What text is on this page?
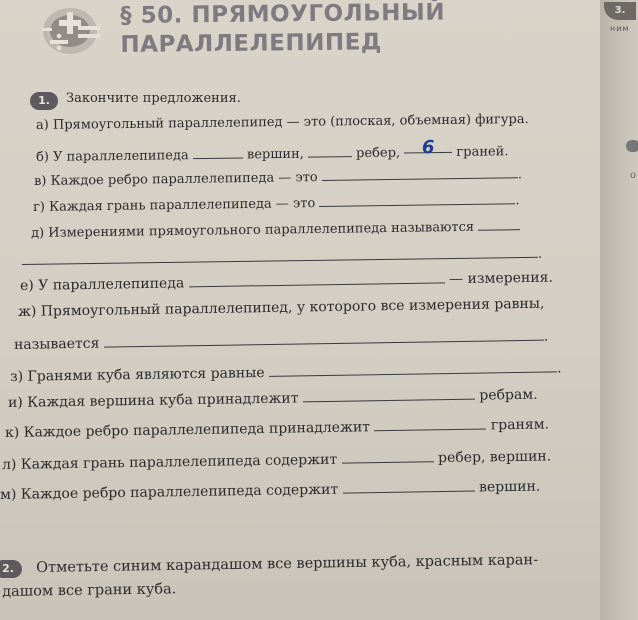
§ 50. ПРЯМОУГОЛЬНЫЙ
ПАРАЛЛЕЛЕПИПЕД
1.	Закончите предложения.
а) Прямоугольный параллелепипед — это (плоская, объемная) фигура.
б) У параллелепипеда	вершин,	ребер, 6 граней.
в) Каждое ребро параллелепипеда — это	.
г) Каждая грань параллелепипеда — это	.
д) Измерениями прямоугольного параллелепипеда называются
.
е) У параллелепипеда	— измерения.
ж) Прямоугольный параллелепипед, у которого все измерения равны,
называется	.
з) Гранями куба являются равные	.
и) Каждая вершина куба принадлежит	ребрам.
к) Каждое ребро параллелепипеда принадлежит	граням.
л) Каждая грань параллелепипеда содержит	ребер, вершин.
м) Каждое ребро параллелепипеда содержит	вершин.
2.	Отметьте синим карандашом все вершины куба, красным каран-
дашом все грани куба.
3.
ним
о
